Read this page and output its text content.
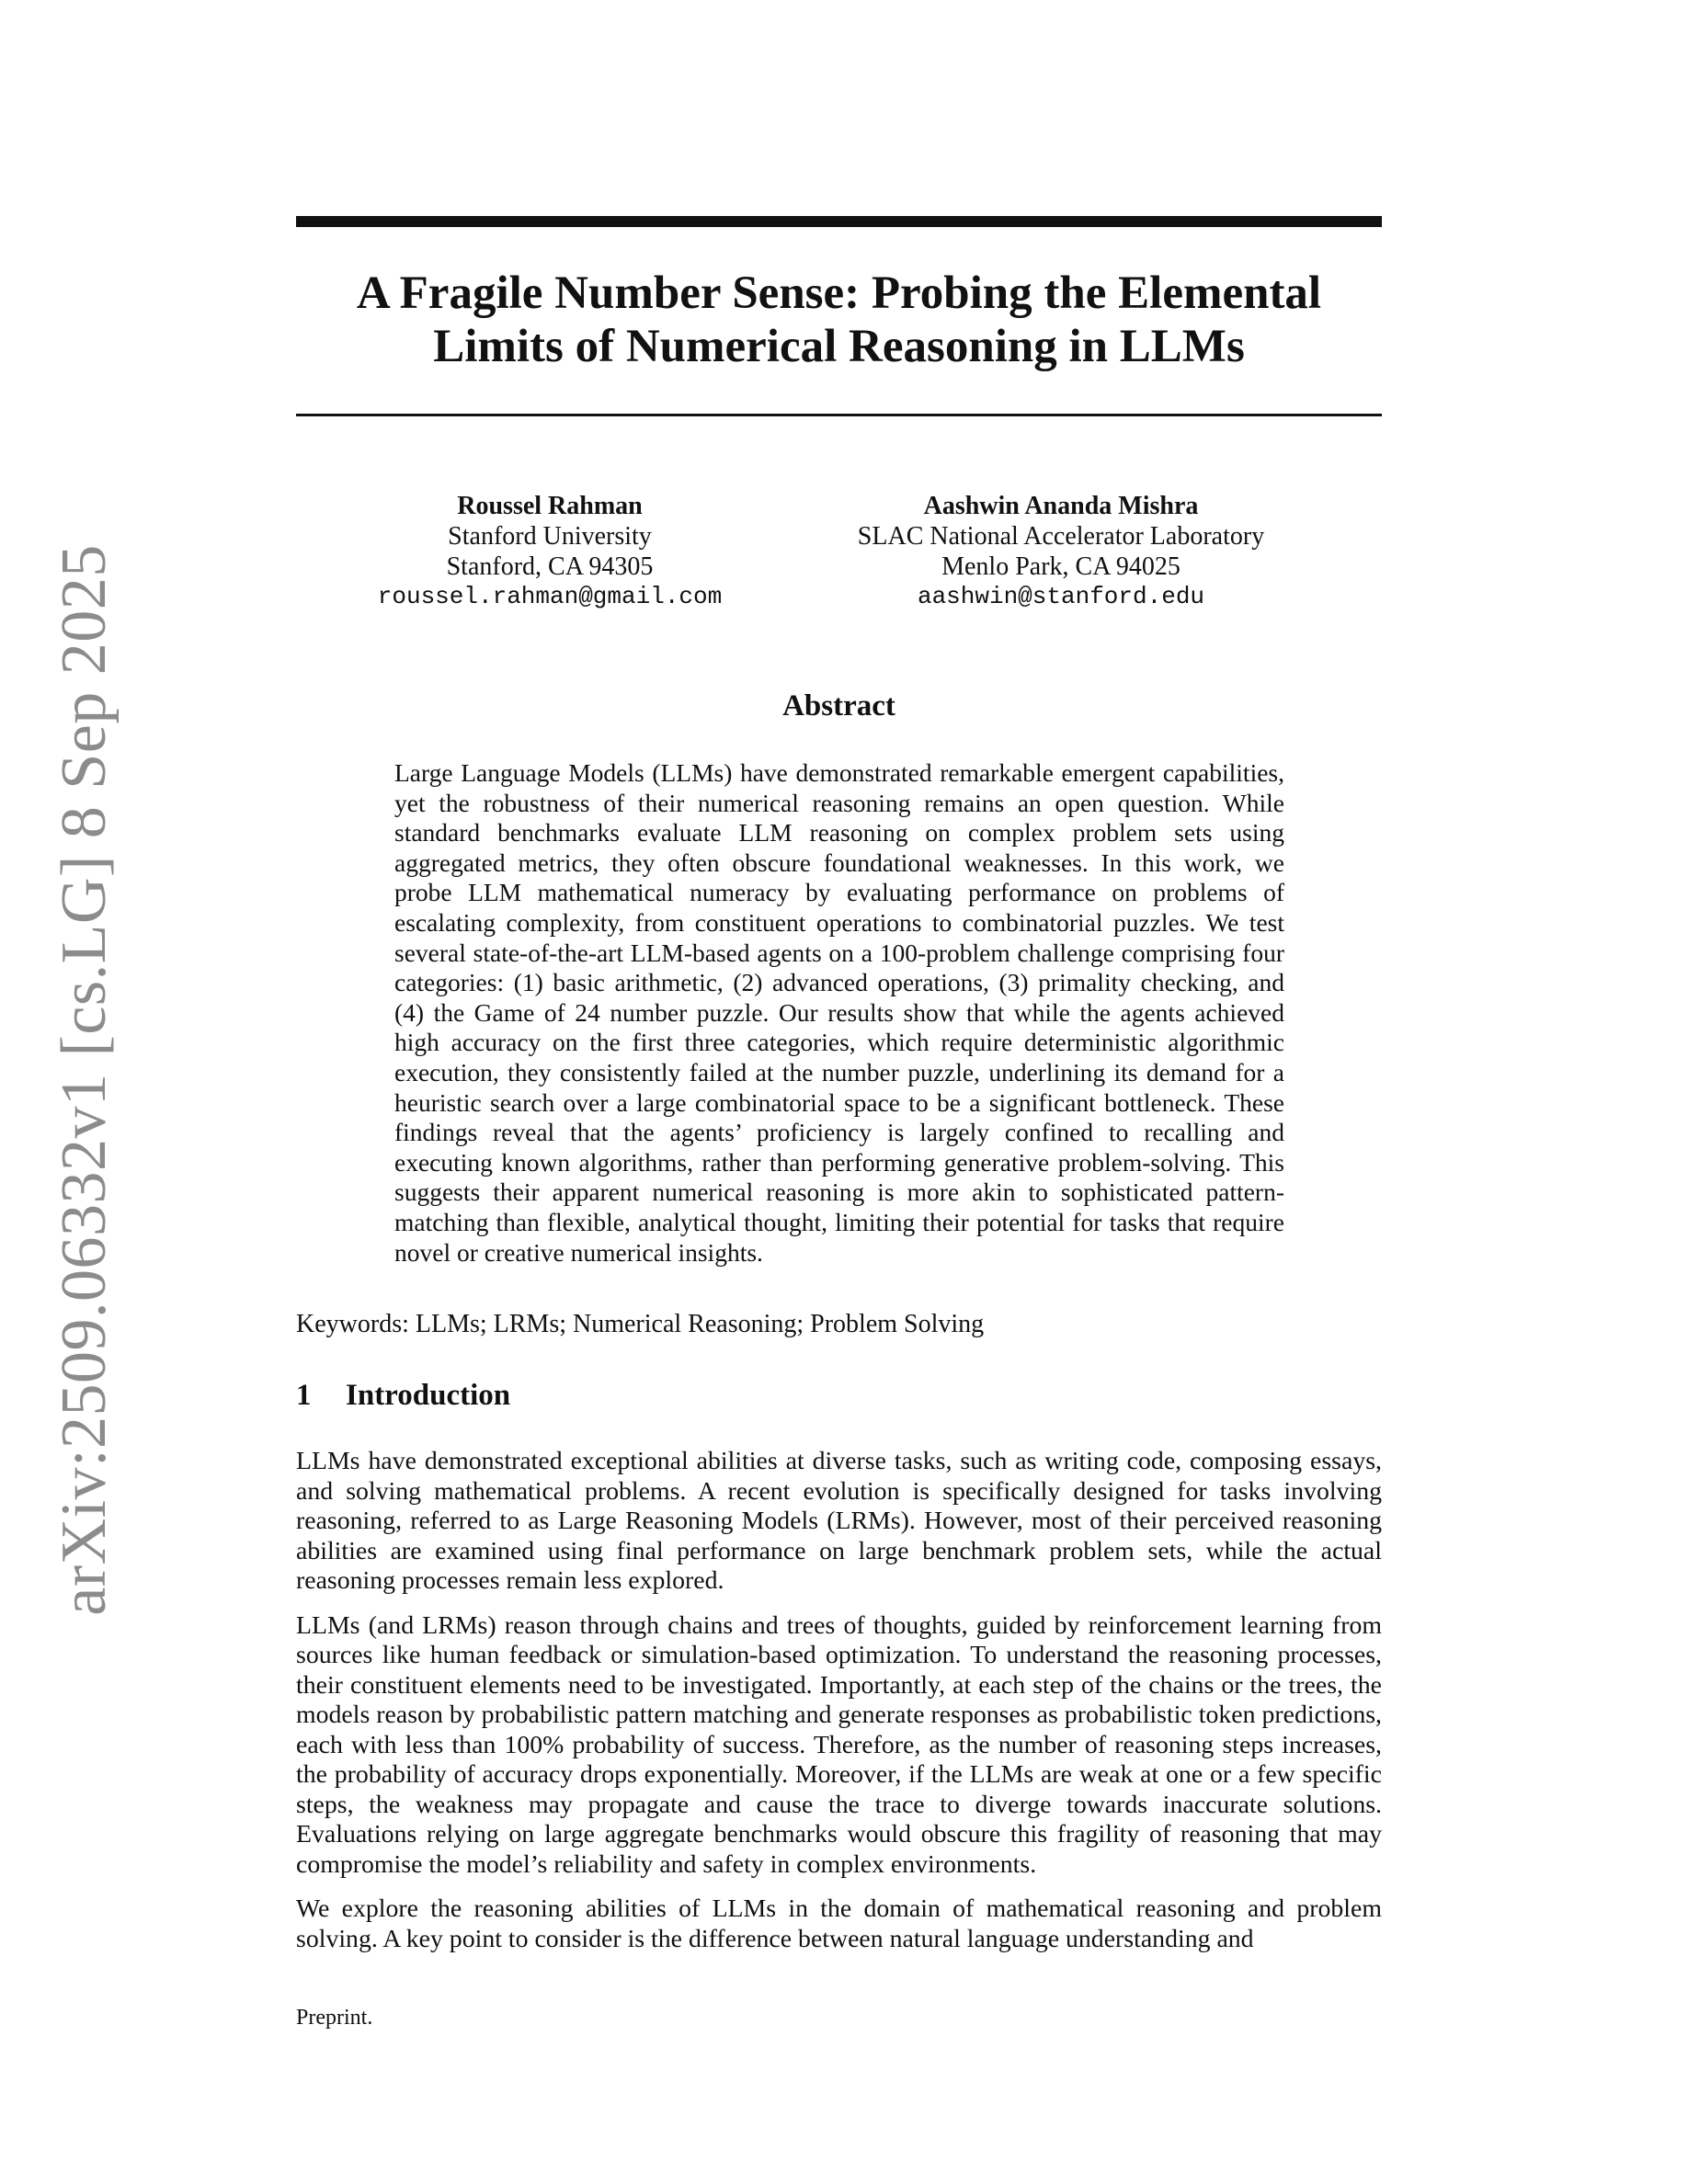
arXiv:2509.06332v1 [cs.LG] 8 Sep 2025
A Fragile Number Sense: Probing the Elemental
Limits of Numerical Reasoning in LLMs
Roussel Rahman
Stanford University
Stanford, CA 94305
roussel.rahman@gmail.com
Aashwin Ananda Mishra
SLAC National Accelerator Laboratory
Menlo Park, CA 94025
aashwin@stanford.edu
Abstract
Large Language Models (LLMs) have demonstrated remarkable emergent capabilities, yet the robustness of their numerical reasoning remains an open question. While standard benchmarks evaluate LLM reasoning on complex problem sets using aggregated metrics, they often obscure foundational weaknesses. In this work, we probe LLM mathematical numeracy by evaluating performance on problems of escalating complexity, from constituent operations to combinatorial puzzles. We test several state-of-the-art LLM-based agents on a 100-problem challenge comprising four categories: (1) basic arithmetic, (2) advanced operations, (3) primality checking, and (4) the Game of 24 number puzzle. Our results show that while the agents achieved high accuracy on the first three categories, which require deterministic algorithmic execution, they consistently failed at the number puzzle, underlining its demand for a heuristic search over a large combinatorial space to be a significant bottleneck. These findings reveal that the agents’ proficiency is largely confined to recalling and executing known algorithms, rather than performing generative problem-solving. This suggests their apparent numerical reasoning is more akin to sophisticated pattern-matching than flexible, analytical thought, limiting their potential for tasks that require novel or creative numerical insights.
Keywords: LLMs; LRMs; Numerical Reasoning; Problem Solving
1 Introduction

LLMs have demonstrated exceptional abilities at diverse tasks, such as writing code, composing essays, and solving mathematical problems. A recent evolution is specifically designed for tasks involving reasoning, referred to as Large Reasoning Models (LRMs). However, most of their perceived reasoning abilities are examined using final performance on large benchmark problem sets, while the actual reasoning processes remain less explored.

LLMs (and LRMs) reason through chains and trees of thoughts, guided by reinforcement learning from sources like human feedback or simulation-based optimization. To understand the reasoning processes, their constituent elements need to be investigated. Importantly, at each step of the chains or the trees, the models reason by probabilistic pattern matching and generate responses as probabilistic token predictions, each with less than 100% probability of success. Therefore, as the number of reasoning steps increases, the probability of accuracy drops exponentially. Moreover, if the LLMs are weak at one or a few specific steps, the weakness may propagate and cause the trace to diverge towards inaccurate solutions. Evaluations relying on large aggregate benchmarks would obscure this fragility of reasoning that may compromise the model’s reliability and safety in complex environments.

We explore the reasoning abilities of LLMs in the domain of mathematical reasoning and problem solving. A key point to consider is the difference between natural language understanding and

Preprint.
